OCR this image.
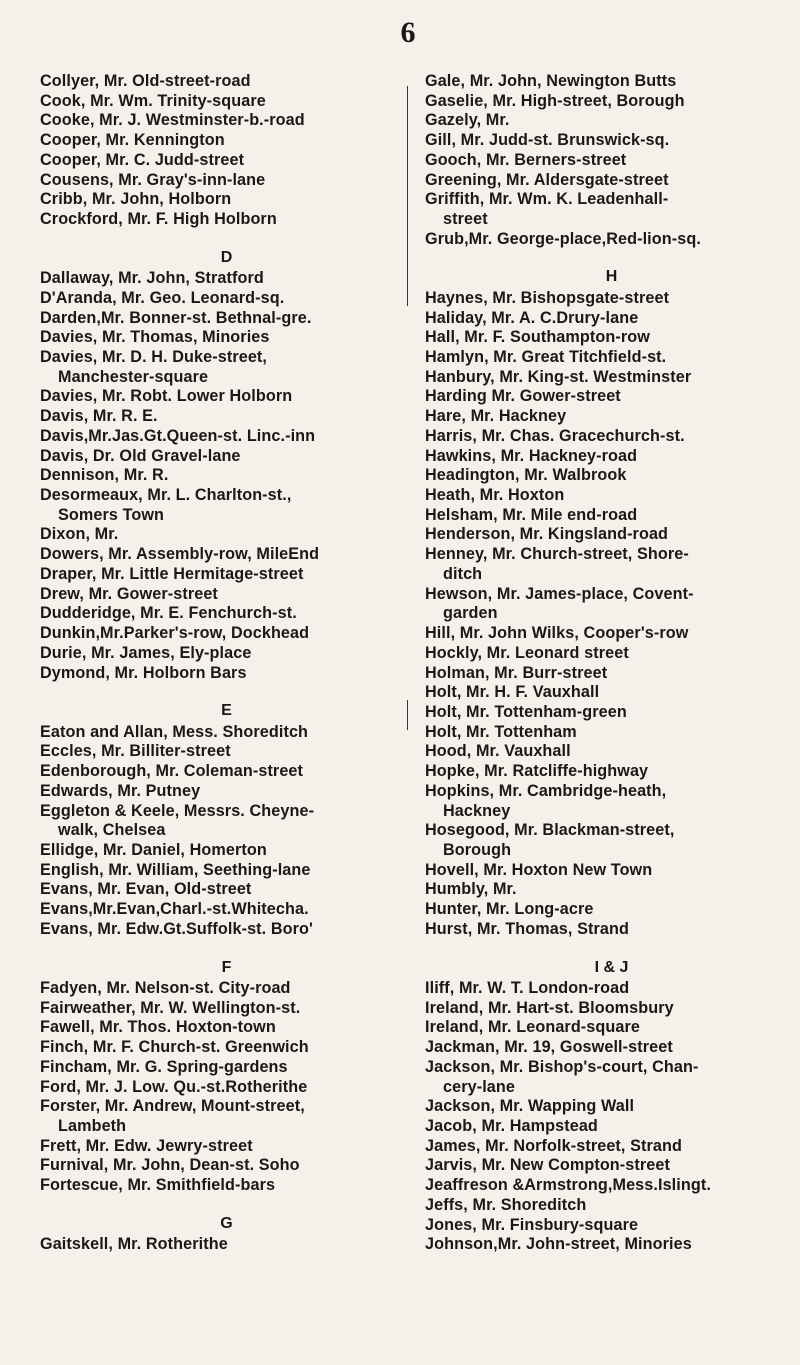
6
Collyer, Mr. Old-street-road
Cook, Mr. Wm. Trinity-square
Cooke, Mr. J. Westminster-b.-road
Cooper, Mr. Kennington
Cooper, Mr. C. Judd-street
Cousens, Mr. Gray's-inn-lane
Cribb, Mr. John, Holborn
Crockford, Mr. F. High Holborn
D
Dallaway, Mr. John, Stratford
D'Aranda, Mr. Geo. Leonard-sq.
Darden,Mr. Bonner-st. Bethnal-gre.
Davies, Mr. Thomas, Minories
Davies, Mr. D. H. Duke-street,
Manchester-square
Davies, Mr. Robt. Lower Holborn
Davis, Mr. R. E.
Davis,Mr.Jas.Gt.Queen-st. Linc.-inn
Davis, Dr. Old Gravel-lane
Dennison, Mr. R.
Desormeaux, Mr. L. Charlton-st.,
Somers Town
Dixon, Mr.
Dowers, Mr. Assembly-row, MileEnd
Draper, Mr. Little Hermitage-street
Drew, Mr. Gower-street
Dudderidge, Mr. E. Fenchurch-st.
Dunkin,Mr.Parker's-row, Dockhead
Durie, Mr. James, Ely-place
Dymond, Mr. Holborn Bars
E
Eaton and Allan, Mess. Shoreditch
Eccles, Mr. Billiter-street
Edenborough, Mr. Coleman-street
Edwards, Mr. Putney
Eggleton & Keele, Messrs. Cheyne-
walk, Chelsea
Ellidge, Mr. Daniel, Homerton
English, Mr. William, Seething-lane
Evans, Mr. Evan, Old-street
Evans,Mr.Evan,Charl.-st.Whitecha.
Evans, Mr. Edw.Gt.Suffolk-st. Boro'
F
Fadyen, Mr. Nelson-st. City-road
Fairweather, Mr. W. Wellington-st.
Fawell, Mr. Thos. Hoxton-town
Finch, Mr. F. Church-st. Greenwich
Fincham, Mr. G. Spring-gardens
Ford, Mr. J. Low. Qu.-st.Rotherithe
Forster, Mr. Andrew, Mount-street,
Lambeth
Frett, Mr. Edw. Jewry-street
Furnival, Mr. John, Dean-st. Soho
Fortescue, Mr. Smithfield-bars
G
Gaitskell, Mr. Rotherithe
Gale, Mr. John, Newington Butts
Gaselie, Mr. High-street, Borough
Gazely, Mr.
Gill, Mr. Judd-st. Brunswick-sq.
Gooch, Mr. Berners-street
Greening, Mr. Aldersgate-street
Griffith, Mr. Wm. K. Leadenhall-
street
Grub,Mr. George-place,Red-lion-sq.
H
Haynes, Mr. Bishopsgate-street
Haliday, Mr. A. C.Drury-lane
Hall, Mr. F. Southampton-row
Hamlyn, Mr. Great Titchfield-st.
Hanbury, Mr. King-st. Westminster
Harding Mr. Gower-street
Hare, Mr. Hackney
Harris, Mr. Chas. Gracechurch-st.
Hawkins, Mr. Hackney-road
Headington, Mr. Walbrook
Heath, Mr. Hoxton
Helsham, Mr. Mile end-road
Henderson, Mr. Kingsland-road
Henney, Mr. Church-street, Shore-
ditch
Hewson, Mr. James-place, Covent-
garden
Hill, Mr. John Wilks, Cooper's-row
Hockly, Mr. Leonard street
Holman, Mr. Burr-street
Holt, Mr. H. F. Vauxhall
Holt, Mr. Tottenham-green
Holt, Mr. Tottenham
Hood, Mr. Vauxhall
Hopke, Mr. Ratcliffe-highway
Hopkins, Mr. Cambridge-heath,
Hackney
Hosegood, Mr. Blackman-street,
Borough
Hovell, Mr. Hoxton New Town
Humbly, Mr.
Hunter, Mr. Long-acre
Hurst, Mr. Thomas, Strand
I & J
Iliff, Mr. W. T. London-road
Ireland, Mr. Hart-st. Bloomsbury
Ireland, Mr. Leonard-square
Jackman, Mr. 19, Goswell-street
Jackson, Mr. Bishop's-court, Chan-
cery-lane
Jackson, Mr. Wapping Wall
Jacob, Mr. Hampstead
James, Mr. Norfolk-street, Strand
Jarvis, Mr. New Compton-street
Jeaffreson &Armstrong,Mess.Islingt.
Jeffs, Mr. Shoreditch
Jones, Mr. Finsbury-square
Johnson,Mr. John-street, Minories
